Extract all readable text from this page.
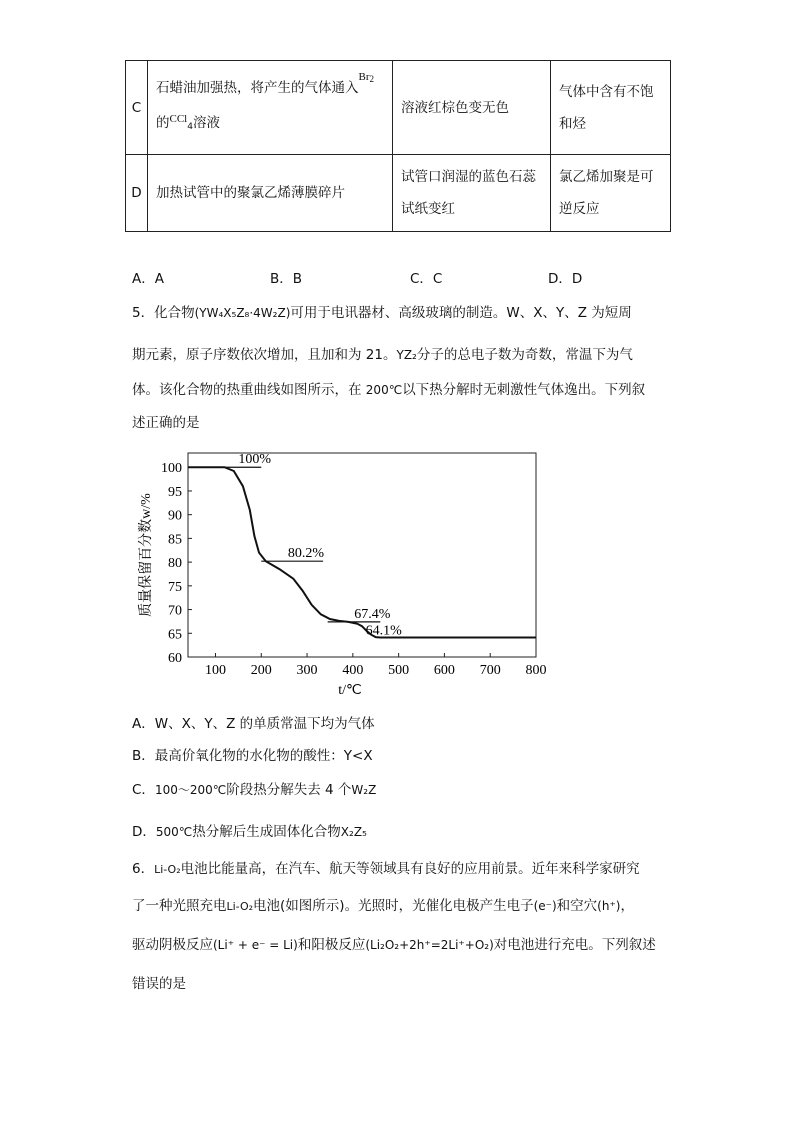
C	石蜡油加强热，将产生的气体通入$^{Br}_2$
的$^{CCl}_4$溶液	溶液红棕色变无色	气体中含有不饱和烃
D	加热试管中的聚氯乙烯薄膜碎片	试管口润湿的蓝色石蕊试纸变红	氯乙烯加聚是可逆反应
A．A	B．B	C．C	D．D
5．化合物(YW₄X₅Z₈·4W₂Z)可用于电讯器材、高级玻璃的制造。W、X、Y、Z 为短周
期元素，原子序数依次增加，且加和为 21。YZ₂分子的总电子数为奇数，常温下为气
体。该化合物的热重曲线如图所示，在 200℃以下热分解时无刺激性气体逸出。下列叙
述正确的是
100 200 300 400 500 600 700 800
60
65
70
75
80
85
90
95
100
100%
80.2%
67.4%
64.1%
质量保留百分数w/%
t/℃
A．W、X、Y、Z 的单质常温下均为气体
B．最高价氧化物的水化物的酸性：Y<X
C．100～200℃阶段热分解失去 4 个W₂Z
D．500℃热分解后生成固体化合物X₂Z₅
6．Li-O₂电池比能量高，在汽车、航天等领域具有良好的应用前景。近年来科学家研究
了一种光照充电Li-O₂电池(如图所示)。光照时，光催化电极产生电子(e⁻)和空穴(h⁺)，
驱动阴极反应(Li⁺ + e⁻ = Li)和阳极反应(Li₂O₂+2h⁺=2Li⁺+O₂)对电池进行充电。下列叙述
错误的是
